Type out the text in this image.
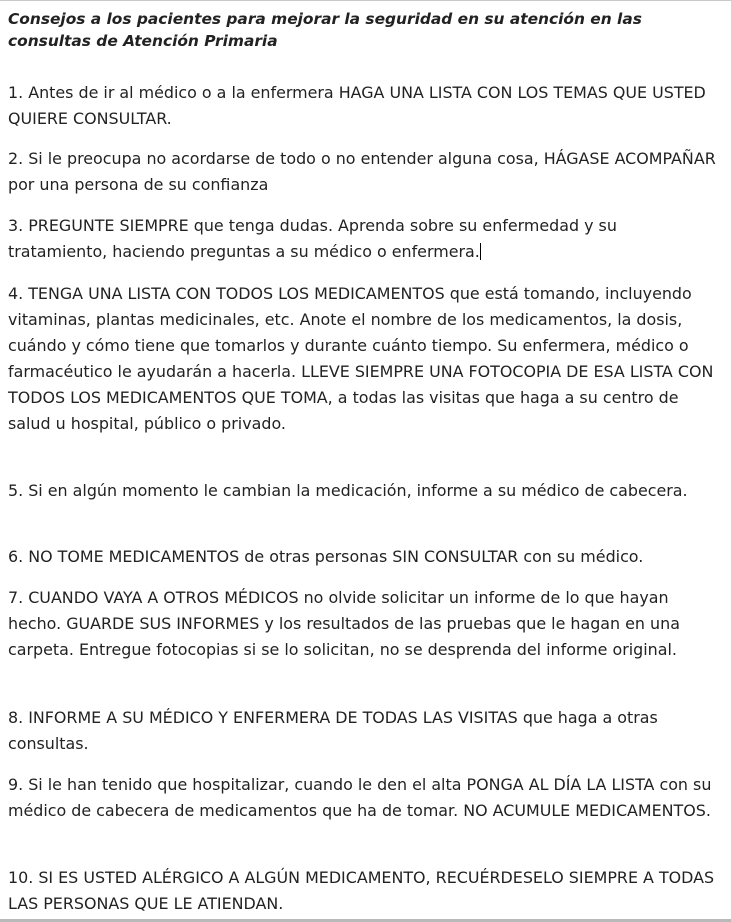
Consejos a los pacientes para mejorar la seguridad en su atención en las consultas de Atención Primaria

1. Antes de ir al médico o a la enfermera HAGA UNA LISTA CON LOS TEMAS QUE USTED QUIERE CONSULTAR.

2. Si le preocupa no acordarse de todo o no entender alguna cosa, HÁGASE ACOMPAÑAR por una persona de su confianza

3. PREGUNTE SIEMPRE que tenga dudas. Aprenda sobre su enfermedad y su tratamiento, haciendo preguntas a su médico o enfermera.

4. TENGA UNA LISTA CON TODOS LOS MEDICAMENTOS que está tomando, incluyendo vitaminas, plantas medicinales, etc. Anote el nombre de los medicamentos, la dosis, cuándo y cómo tiene que tomarlos y durante cuánto tiempo. Su enfermera, médico o farmacéutico le ayudarán a hacerla. LLEVE SIEMPRE UNA FOTOCOPIA DE ESA LISTA CON TODOS LOS MEDICAMENTOS QUE TOMA, a todas las visitas que haga a su centro de salud u hospital, público o privado.

5. Si en algún momento le cambian la medicación, informe a su médico de cabecera.

6. NO TOME MEDICAMENTOS de otras personas SIN CONSULTAR con su médico.

7. CUANDO VAYA A OTROS MÉDICOS no olvide solicitar un informe de lo que hayan hecho. GUARDE SUS INFORMES y los resultados de las pruebas que le hagan en una carpeta. Entregue fotocopias si se lo solicitan, no se desprenda del informe original.

8. INFORME A SU MÉDICO Y ENFERMERA DE TODAS LAS VISITAS que haga a otras consultas.

9. Si le han tenido que hospitalizar, cuando le den el alta PONGA AL DÍA LA LISTA con su médico de cabecera de medicamentos que ha de tomar. NO ACUMULE MEDICAMENTOS.

10. SI ES USTED ALÉRGICO A ALGÚN MEDICAMENTO, RECUÉRDESELO SIEMPRE A TODAS LAS PERSONAS QUE LE ATIENDAN.
